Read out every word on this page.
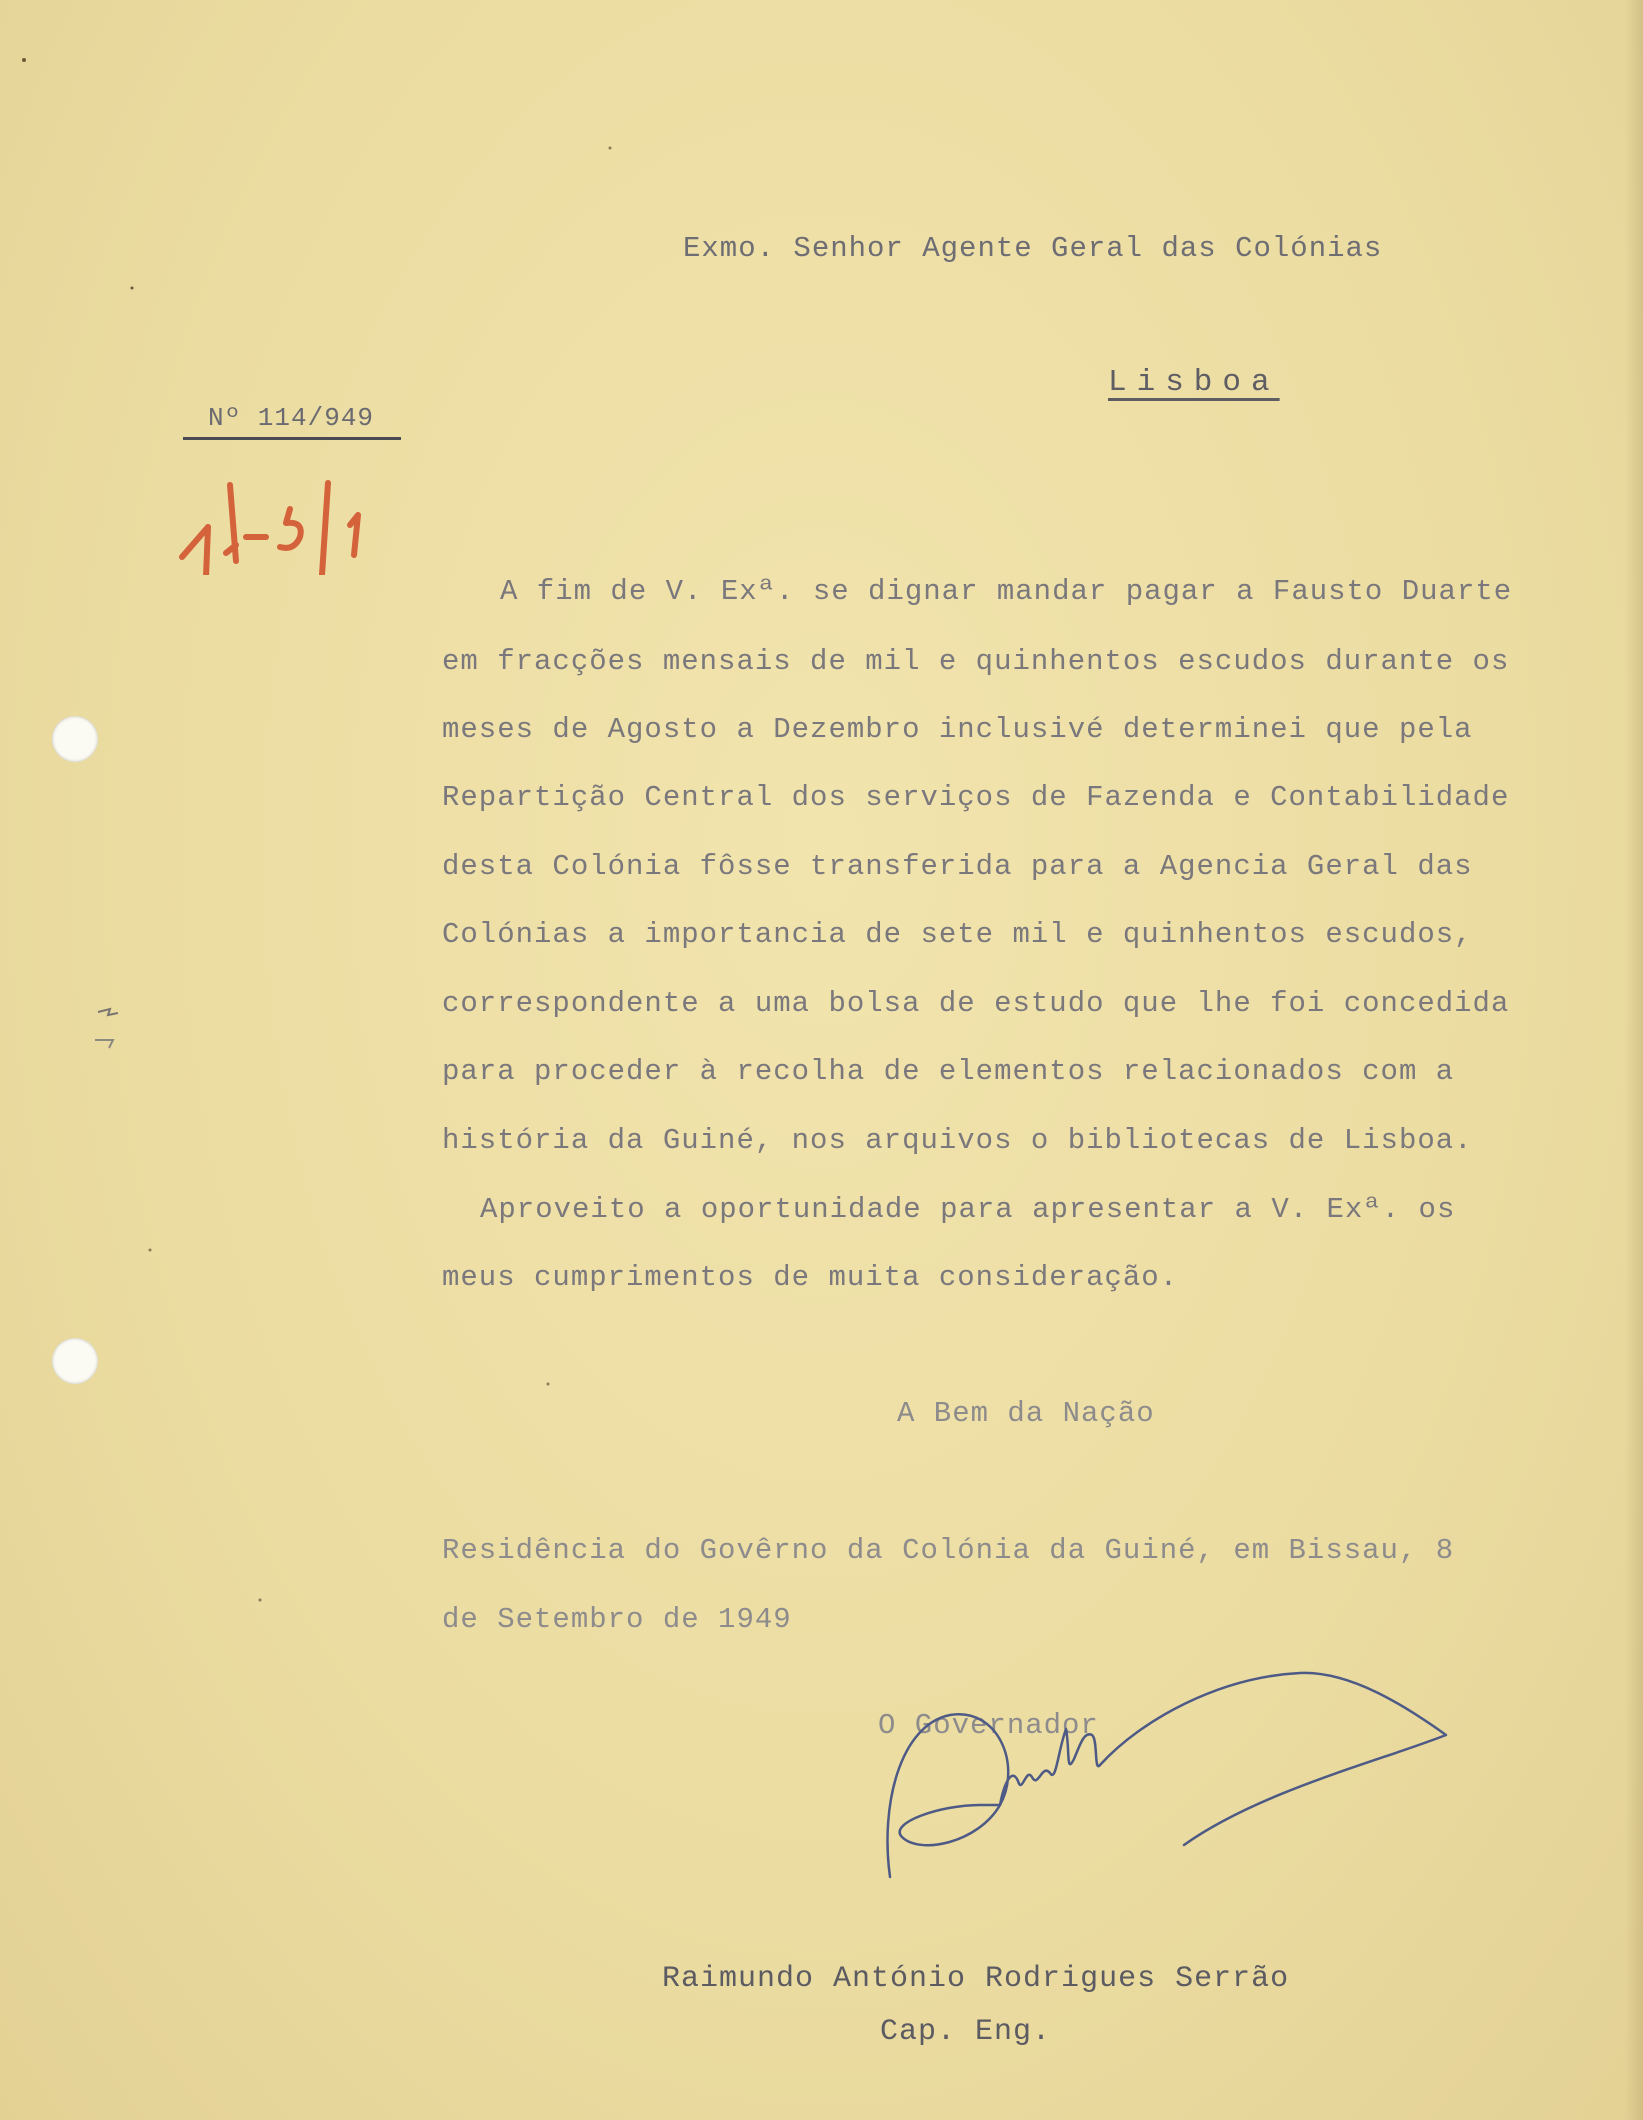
Exmo. Senhor Agente Geral das Colónias
Lisboa
Nº 114/949
A fim de V. Exª. se dignar mandar pagar a Fausto Duarte
em fracções mensais de mil e quinhentos escudos durante os
meses de Agosto a Dezembro inclusivé determinei que pela
Repartição Central dos serviços de Fazenda e Contabilidade
desta Colónia fôsse transferida para a Agencia Geral das
Colónias a importancia de sete mil e quinhentos escudos,
correspondente a uma bolsa de estudo que lhe foi concedida
para proceder à recolha de elementos relacionados com a
história da Guiné, nos arquivos o bibliotecas de Lisboa.
Aproveito a oportunidade para apresentar a V. Exª. os
meus cumprimentos de muita consideração.
A Bem da Nação
Residência do Govêrno da Colónia da Guiné, em Bissau, 8
de Setembro de 1949
O Governador
Raimundo António Rodrigues Serrão
Cap. Eng.
